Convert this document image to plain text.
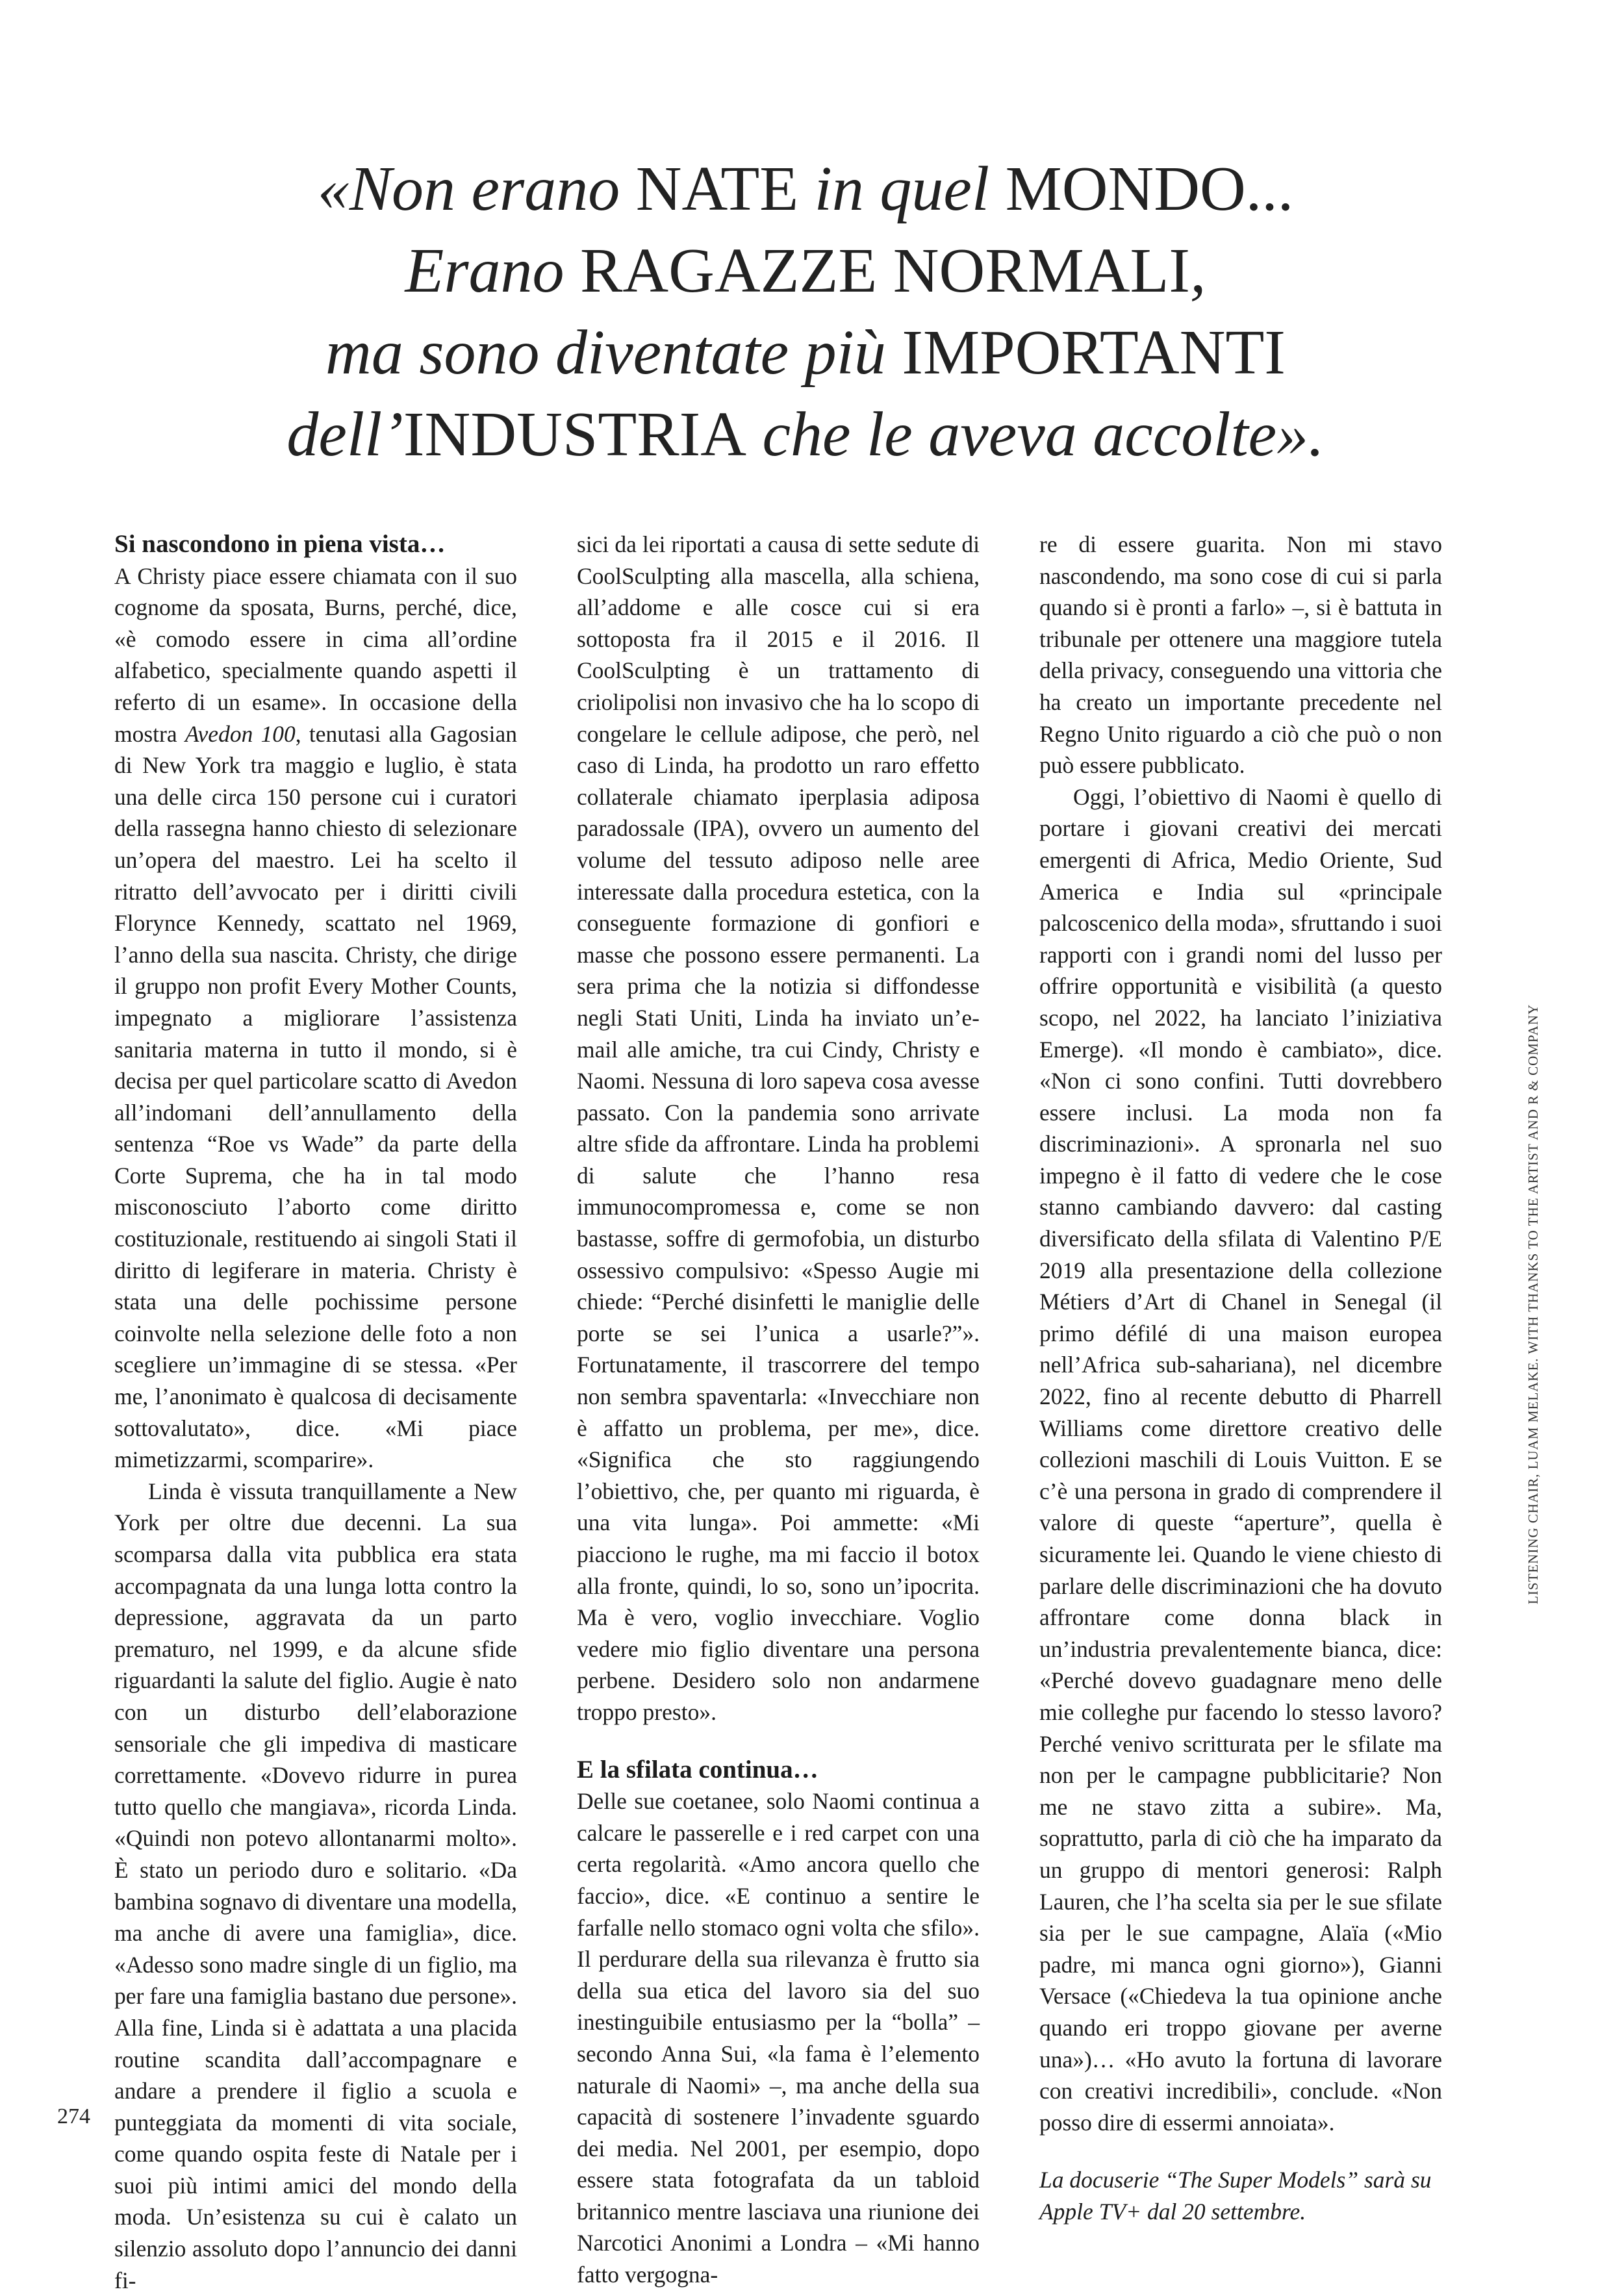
«Non erano NATE in quel MONDO...
Erano RAGAZZE NORMALI,
ma sono diventate più IMPORTANTI
dell’INDUSTRIA che le aveva accolte».
Si nascondono in piena vista…

A Christy piace essere chiamata con il suo cognome da sposata, Burns, perché, dice, «è comodo essere in cima all’ordine alfabetico, specialmente quando aspetti il referto di un esame». In occasione della mostra Avedon 100, tenutasi alla Gagosian di New York tra maggio e luglio, è stata una delle circa 150 persone cui i curatori della rassegna hanno chiesto di selezionare un’opera del maestro. Lei ha scelto il ritratto dell’avvocato per i diritti civili Florynce Kennedy, scattato nel 1969, l’anno della sua nascita. Christy, che dirige il gruppo non profit Every Mother Counts, impegnato a migliorare l’assistenza sanitaria materna in tutto il mondo, si è decisa per quel particolare scatto di Avedon all’indomani dell’annullamento della sentenza “Roe vs Wade” da parte della Corte Suprema, che ha in tal modo misconosciuto l’aborto come diritto costituzionale, restituendo ai singoli Stati il diritto di legiferare in materia. Christy è stata una delle pochissime persone coinvolte nella selezione delle foto a non scegliere un’immagine di se stessa. «Per me, l’anonimato è qualcosa di decisamente sottovalutato», dice. «Mi piace mimetizzarmi, scomparire».

Linda è vissuta tranquillamente a New York per oltre due decenni. La sua scomparsa dalla vita pubblica era stata accompagnata da una lunga lotta contro la depressione, aggravata da un parto prematuro, nel 1999, e da alcune sfide riguardanti la salute del figlio. Augie è nato con un disturbo dell’elaborazione sensoriale che gli impediva di masticare correttamente. «Dovevo ridurre in purea tutto quello che mangiava», ricorda Linda. «Quindi non potevo allontanarmi molto». È stato un periodo duro e solitario. «Da bambina sognavo di diventare una modella, ma anche di avere una famiglia», dice. «Adesso sono madre single di un figlio, ma per fare una famiglia bastano due persone». Alla fine, Linda si è adattata a una placida routine scandita dall’accompagnare e andare a prendere il figlio a scuola e punteggiata da momenti di vita sociale, come quando ospita feste di Natale per i suoi più intimi amici del mondo della moda. Un’esistenza su cui è calato un silenzio assoluto dopo l’annuncio dei danni fi-

sici da lei riportati a causa di sette sedute di CoolSculpting alla mascella, alla schiena, all’addome e alle cosce cui si era sottoposta fra il 2015 e il 2016. Il CoolSculpting è un trattamento di criolipolisi non invasivo che ha lo scopo di congelare le cellule adipose, che però, nel caso di Linda, ha prodotto un raro effetto collaterale chiamato iperplasia adiposa paradossale (IPA), ovvero un aumento del volume del tessuto adiposo nelle aree interessate dalla procedura estetica, con la conseguente formazione di gonfiori e masse che possono essere permanenti. La sera prima che la notizia si diffondesse negli Stati Uniti, Linda ha inviato un’e-mail alle amiche, tra cui Cindy, Christy e Naomi. Nessuna di loro sapeva cosa avesse passato. Con la pandemia sono arrivate altre sfide da affrontare. Linda ha problemi di salute che l’hanno resa immunocompromessa e, come se non bastasse, soffre di germofobia, un disturbo ossessivo compulsivo: «Spesso Augie mi chiede: “Perché disinfetti le maniglie delle porte se sei l’unica a usarle?”». Fortunatamente, il trascorrere del tempo non sembra spaventarla: «Invecchiare non è affatto un problema, per me», dice. «Significa che sto raggiungendo l’obiettivo, che, per quanto mi riguarda, è una vita lunga». Poi ammette: «Mi piacciono le rughe, ma mi faccio il botox alla fronte, quindi, lo so, sono un’ipocrita. Ma è vero, voglio invecchiare. Voglio vedere mio figlio diventare una persona perbene. Desidero solo non andarmene troppo presto».

E la sfilata continua…

Delle sue coetanee, solo Naomi continua a calcare le passerelle e i red carpet con una certa regolarità. «Amo ancora quello che faccio», dice. «E continuo a sentire le farfalle nello stomaco ogni volta che sfilo». Il perdurare della sua rilevanza è frutto sia della sua etica del lavoro sia del suo inestinguibile entusiasmo per la “bolla” – secondo Anna Sui, «la fama è l’elemento naturale di Naomi» –, ma anche della sua capacità di sostenere l’invadente sguardo dei media. Nel 2001, per esempio, dopo essere stata fotografata da un tabloid britannico mentre lasciava una riunione dei Narcotici Anonimi a Londra – «Mi hanno fatto vergogna-

re di essere guarita. Non mi stavo nascondendo, ma sono cose di cui si parla quando si è pronti a farlo» –, si è battuta in tribunale per ottenere una maggiore tutela della privacy, conseguendo una vittoria che ha creato un importante precedente nel Regno Unito riguardo a ciò che può o non può essere pubblicato.

Oggi, l’obiettivo di Naomi è quello di portare i giovani creativi dei mercati emergenti di Africa, Medio Oriente, Sud America e India sul «principale palcoscenico della moda», sfruttando i suoi rapporti con i grandi nomi del lusso per offrire opportunità e visibilità (a questo scopo, nel 2022, ha lanciato l’iniziativa Emerge). «Il mondo è cambiato», dice. «Non ci sono confini. Tutti dovrebbero essere inclusi. La moda non fa discriminazioni». A spronarla nel suo impegno è il fatto di vedere che le cose stanno cambiando davvero: dal casting diversificato della sfilata di Valentino P/E 2019 alla presentazione della collezione Métiers d’Art di Chanel in Senegal (il primo défilé di una maison europea nell’Africa sub-sahariana), nel dicembre 2022, fino al recente debutto di Pharrell Williams come direttore creativo delle collezioni maschili di Louis Vuitton. E se c’è una persona in grado di comprendere il valore di queste “aperture”, quella è sicuramente lei. Quando le viene chiesto di parlare delle discriminazioni che ha dovuto affrontare come donna black in un’industria prevalentemente bianca, dice: «Perché dovevo guadagnare meno delle mie colleghe pur facendo lo stesso lavoro? Perché venivo scritturata per le sfilate ma non per le campagne pubblicitarie? Non me ne stavo zitta a subire». Ma, soprattutto, parla di ciò che ha imparato da un gruppo di mentori generosi: Ralph Lauren, che l’ha scelta sia per le sue sfilate sia per le sue campagne, Alaïa («Mio padre, mi manca ogni giorno»), Gianni Versace («Chiedeva la tua opinione anche quando eri troppo giovane per averne una»)… «Ho avuto la fortuna di lavorare con creativi incredibili», conclude. «Non posso dire di essermi annoiata».

La docuserie “The Super Models” sarà su Apple TV+ dal 20 settembre.

274
LISTENING CHAIR, LUAM MELAKE. WITH THANKS TO THE ARTIST AND R & COMPANY
